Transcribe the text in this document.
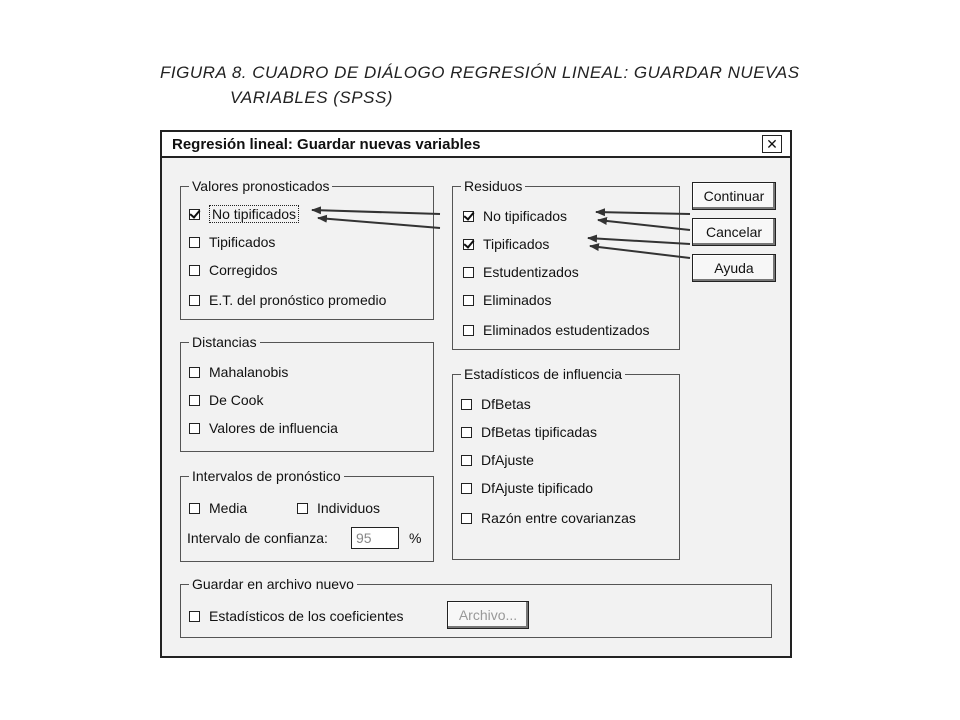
FIGURA 8. CUADRO DE DIÁLOGO REGRESIÓN LINEAL: GUARDAR NUEVAS
VARIABLES (SPSS)
Regresión lineal: Guardar nuevas variables	✕
Valores pronosticados
No tipificados
Tipificados
Corregidos
E.T. del pronóstico promedio
Residuos
No tipificados
Tipificados
Estudentizados
Eliminados
Eliminados estudentizados
Continuar
Cancelar
Ayuda
Distancias
Mahalanobis
De Cook
Valores de influencia
Estadísticos de influencia
DfBetas
DfBetas tipificadas
DfAjuste
DfAjuste tipificado
Razón entre covarianzas
Intervalos de pronóstico
Media	Individuos
Intervalo de confianza:	95	%
Guardar en archivo nuevo
Estadísticos de los coeficientes	Archivo...
